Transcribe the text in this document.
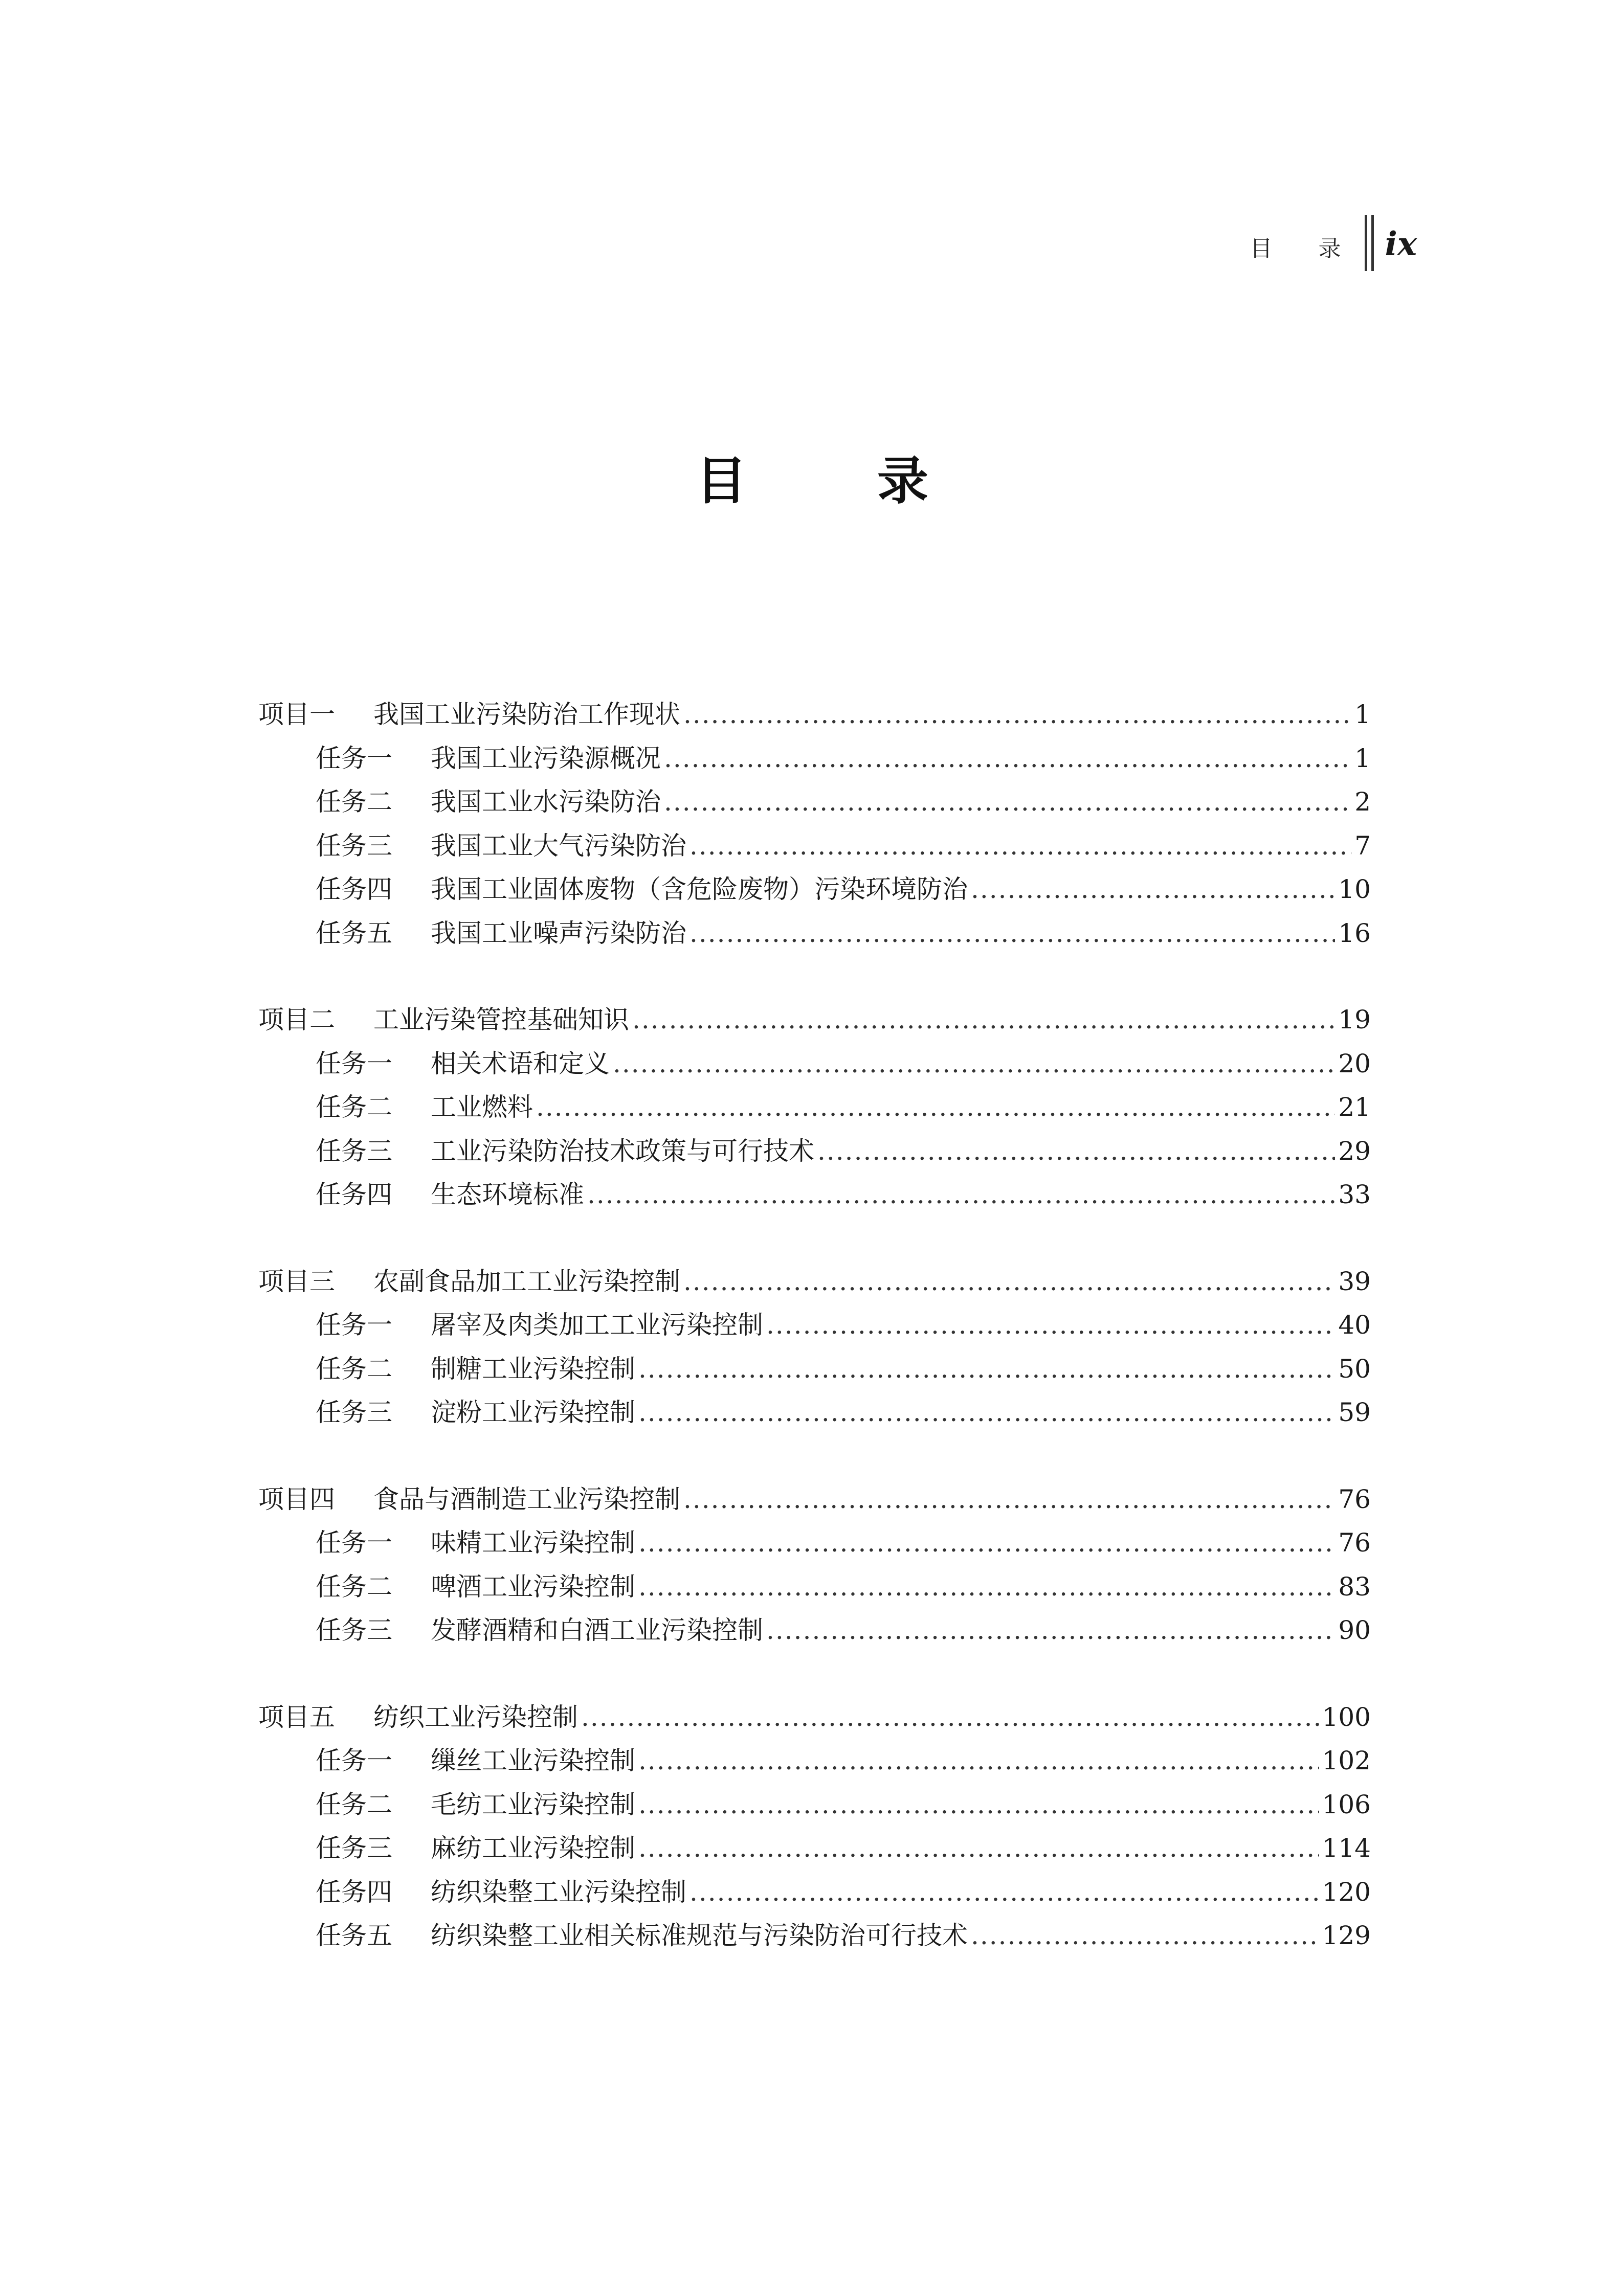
目 录 ix
目 录
项目一	我国工业污染防治工作现状 .....	1
任务一	我国工业污染源概况 .....	1
任务二	我国工业水污染防治 .....	2
任务三	我国工业大气污染防治 .....	7
任务四	我国工业固体废物（含危险废物）污染环境防治 .....	10
任务五	我国工业噪声污染防治 .....	16
项目二	工业污染管控基础知识 .....	19
任务一	相关术语和定义 .....	20
任务二	工业燃料 .....	21
任务三	工业污染防治技术政策与可行技术 .....	29
任务四	生态环境标准 .....	33
项目三	农副食品加工工业污染控制 .....	39
任务一	屠宰及肉类加工工业污染控制 .....	40
任务二	制糖工业污染控制 .....	50
任务三	淀粉工业污染控制 .....	59
项目四	食品与酒制造工业污染控制 .....	76
任务一	味精工业污染控制 .....	76
任务二	啤酒工业污染控制 .....	83
任务三	发酵酒精和白酒工业污染控制 .....	90
项目五	纺织工业污染控制 .....	100
任务一	缫丝工业污染控制 .....	102
任务二	毛纺工业污染控制 .....	106
任务三	麻纺工业污染控制 .....	114
任务四	纺织染整工业污染控制 .....	120
任务五	纺织染整工业相关标准规范与污染防治可行技术 .....	129
